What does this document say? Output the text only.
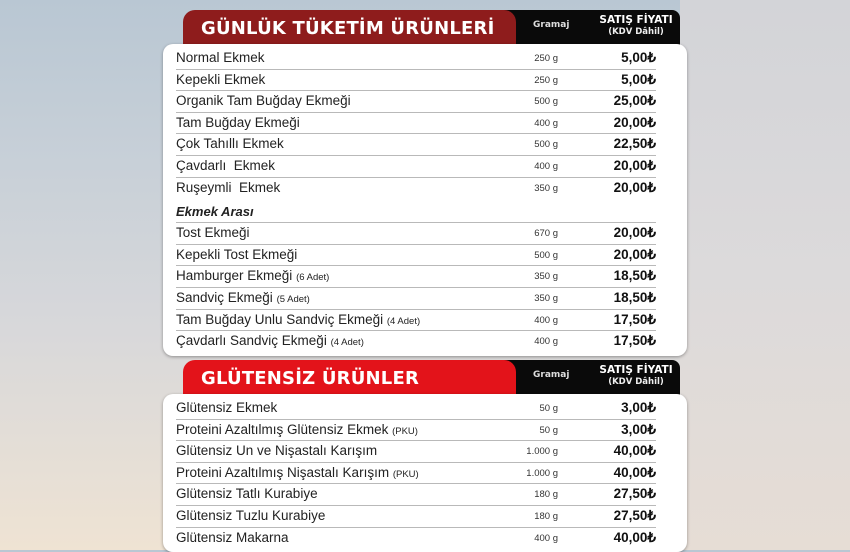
GÜNLÜK TÜKETİM ÜRÜNLERİ	Gramaj	SATIŞ FİYATI
(KDV Dâhil)
Normal Ekmek	250 g	5,00₺
Kepekli Ekmek	250 g	5,00₺
Organik Tam Buğday Ekmeği	500 g	25,00₺
Tam Buğday Ekmeği	400 g	20,00₺
Çok Tahıllı Ekmek	500 g	22,50₺
Çavdarlı  Ekmek	400 g	20,00₺
Ruşeymli  Ekmek	350 g	20,00₺
Ekmek Arası
Tost Ekmeği	670 g	20,00₺
Kepekli Tost Ekmeği	500 g	20,00₺
Hamburger Ekmeği (6 Adet)	350 g	18,50₺
Sandviç Ekmeği (5 Adet)	350 g	18,50₺
Tam Buğday Unlu Sandviç Ekmeği (4 Adet)	400 g	17,50₺
Çavdarlı Sandviç Ekmeği (4 Adet)	400 g	17,50₺
GLÜTENSİZ ÜRÜNLER	Gramaj	SATIŞ FİYATI
(KDV Dâhil)
Glütensiz Ekmek	50 g	3,00₺
Proteini Azaltılmış Glütensiz Ekmek (PKU)	50 g	3,00₺
Glütensiz Un ve Nişastalı Karışım	1.000 g	40,00₺
Proteini Azaltılmış Nişastalı Karışım (PKU)	1.000 g	40,00₺
Glütensiz Tatlı Kurabiye	180 g	27,50₺
Glütensiz Tuzlu Kurabiye	180 g	27,50₺
Glütensiz Makarna	400 g	40,00₺
